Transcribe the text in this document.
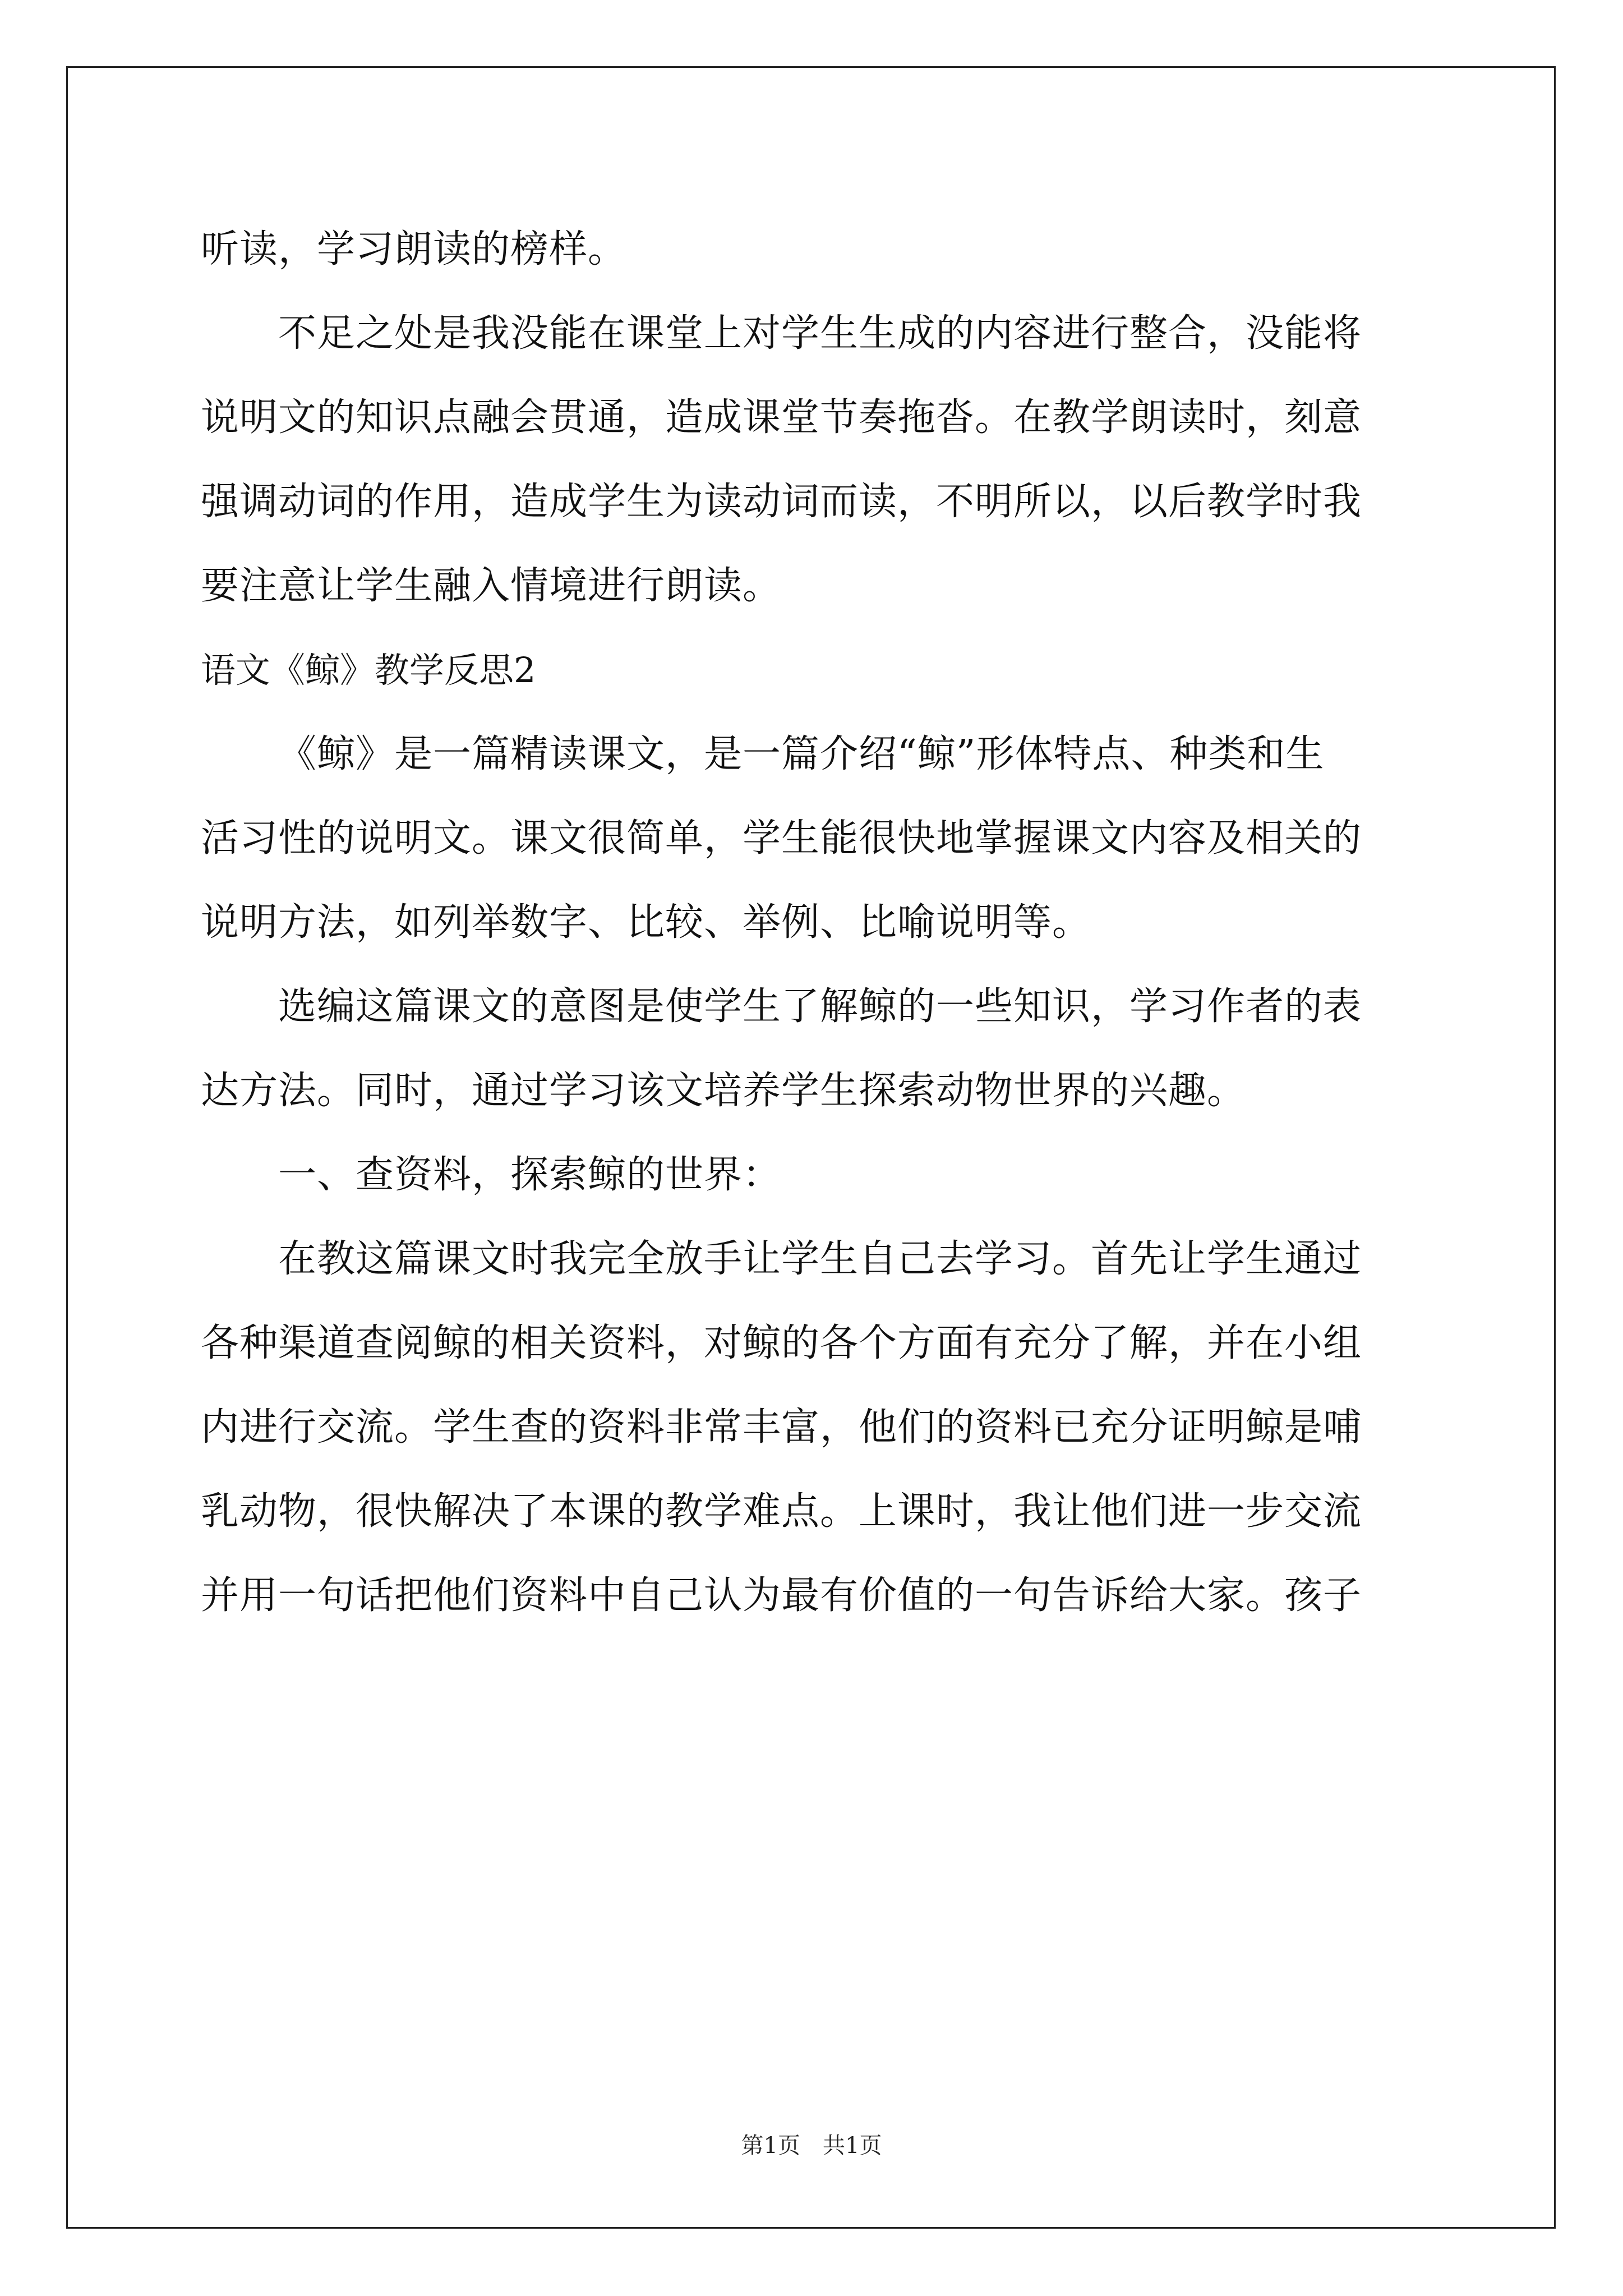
听读，学习朗读的榜样。
不足之处是我没能在课堂上对学生生成的内容进行整合，没能将
说明文的知识点融会贯通，造成课堂节奏拖沓。在教学朗读时，刻意
强调动词的作用，造成学生为读动词而读，不明所以，以后教学时我
要注意让学生融入情境进行朗读。
语文《鲸》教学反思2
《鲸》是一篇精读课文，是一篇介绍“鲸”形体特点、种类和生
活习性的说明文。课文很简单，学生能很快地掌握课文内容及相关的
说明方法，如列举数字、比较、举例、比喻说明等。
选编这篇课文的意图是使学生了解鲸的一些知识，学习作者的表
达方法。同时，通过学习该文培养学生探索动物世界的兴趣。
一、查资料，探索鲸的世界：
在教这篇课文时我完全放手让学生自己去学习。首先让学生通过
各种渠道查阅鲸的相关资料，对鲸的各个方面有充分了解，并在小组
内进行交流。学生查的资料非常丰富，他们的资料已充分证明鲸是哺
乳动物，很快解决了本课的教学难点。上课时，我让他们进一步交流
并用一句话把他们资料中自己认为最有价值的一句告诉给大家。孩子
第1页　共1页
